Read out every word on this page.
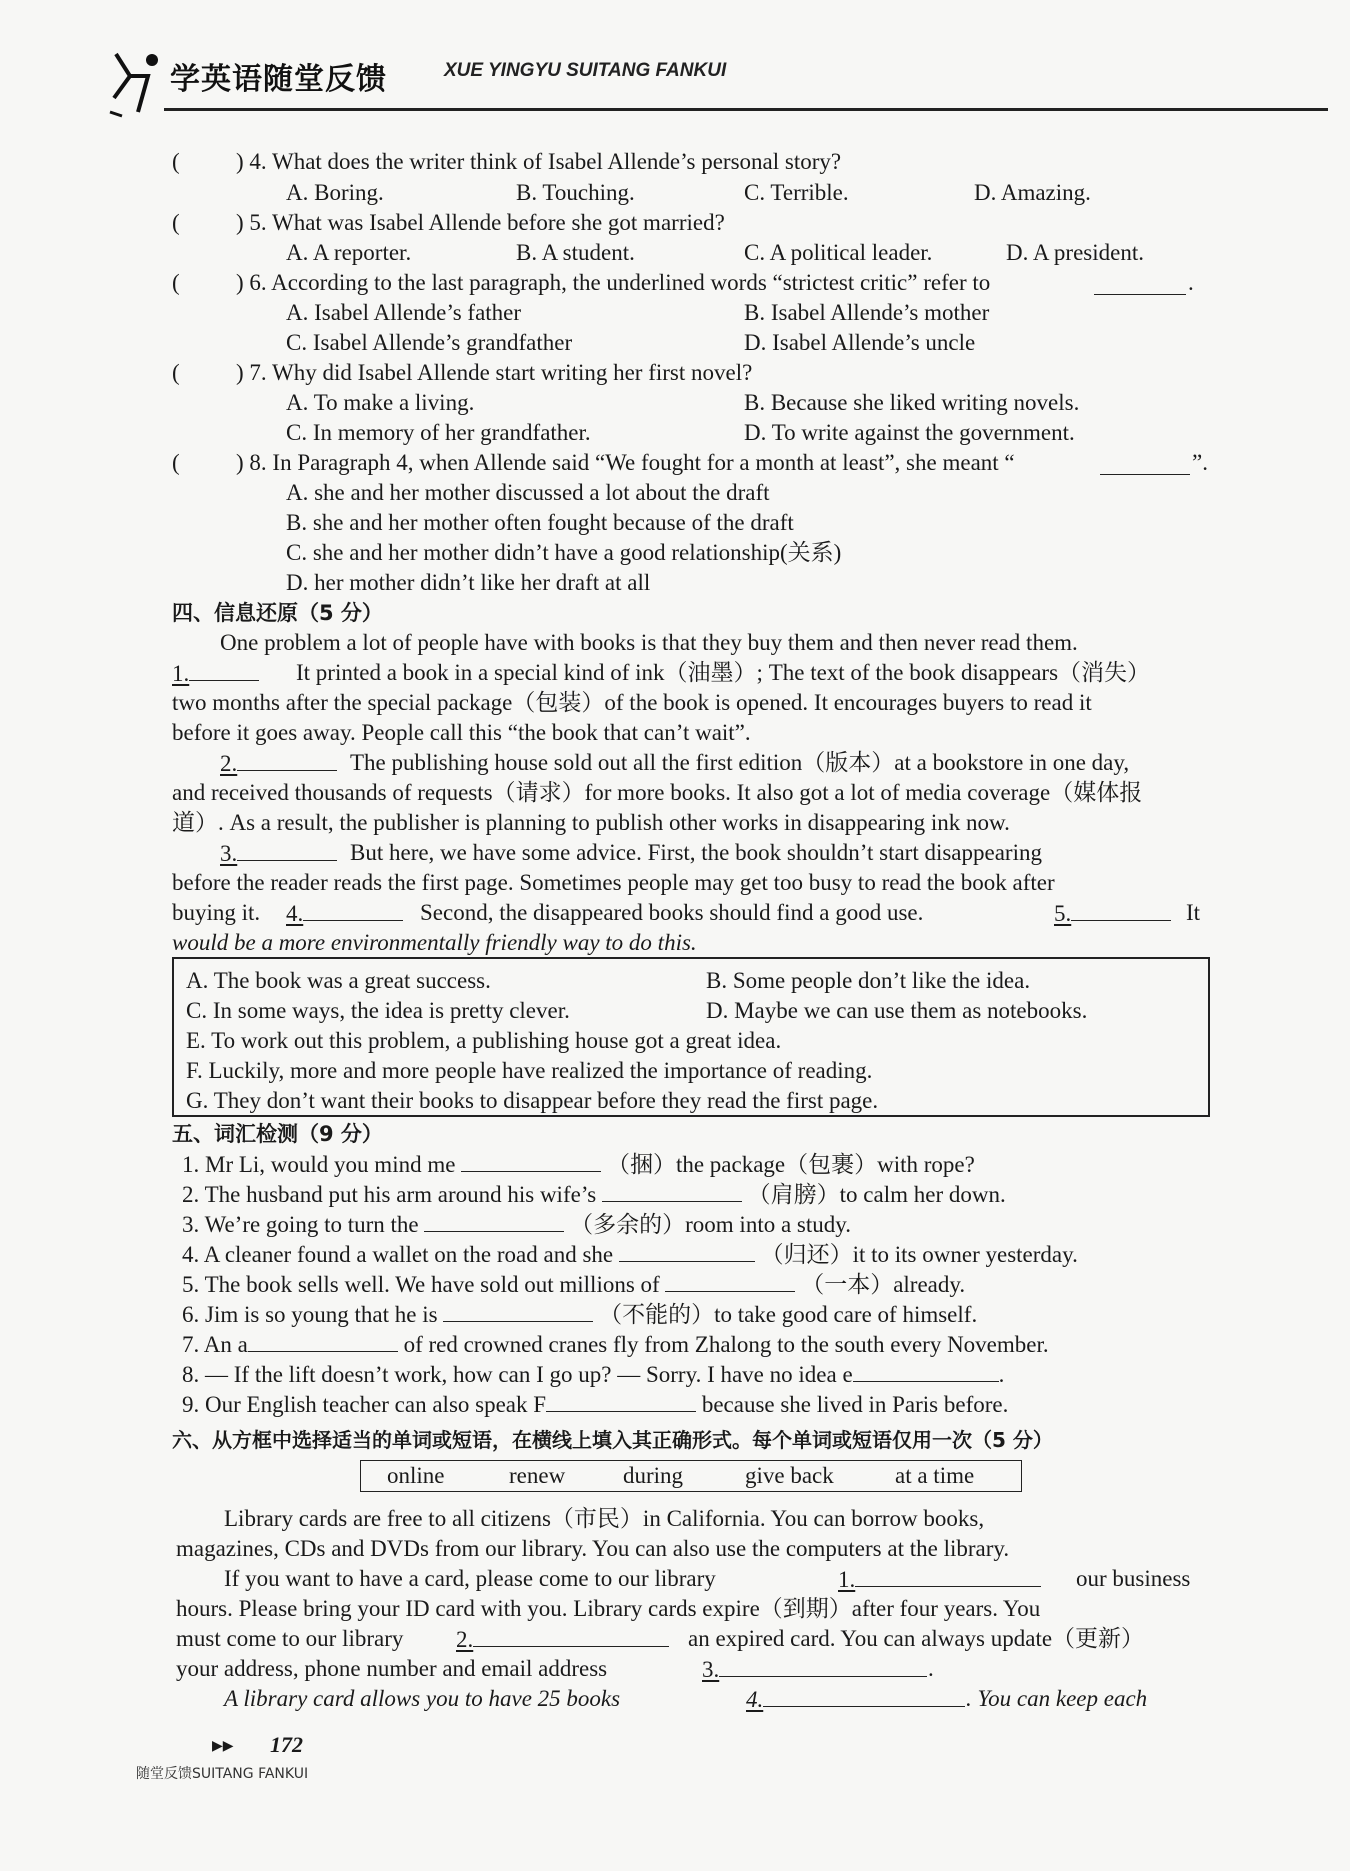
学英语随堂反馈	XUE YINGYU SUITANG FANKUI
( ) 4. What does the writer think of Isabel Allende’s personal story?
A. Boring.	B. Touching.	C. Terrible.	D. Amazing.
( ) 5. What was Isabel Allende before she got married?
A. A reporter.	B. A student.	C. A political leader.	D. A president.
( ) 6. According to the last paragraph, the underlined words “strictest critic” refer to	.
A. Isabel Allende’s father	B. Isabel Allende’s mother
C. Isabel Allende’s grandfather	D. Isabel Allende’s uncle
( ) 7. Why did Isabel Allende start writing her first novel?
A. To make a living.	B. Because she liked writing novels.
C. In memory of her grandfather.	D. To write against the government.
( ) 8. In Paragraph 4, when Allende said “We fought for a month at least”, she meant “	”.
A. she and her mother discussed a lot about the draft
B. she and her mother often fought because of the draft
C. she and her mother didn’t have a good relationship(关系)
D. her mother didn’t like her draft at all
四、信息还原（5 分）
One problem a lot of people have with books is that they buy them and then never read them.
1.	It printed a book in a special kind of ink（油墨）; The text of the book disappears（消失）
two months after the special package（包装）of the book is opened. It encourages buyers to read it
before it goes away. People call this “the book that can’t wait”.
2.	The publishing house sold out all the first edition（版本）at a bookstore in one day,
and received thousands of requests（请求）for more books. It also got a lot of media coverage（媒体报
道）. As a result, the publisher is planning to publish other works in disappearing ink now.
3.	But here, we have some advice. First, the book shouldn’t start disappearing
before the reader reads the first page. Sometimes people may get too busy to read the book after
buying it. 4.	Second, the disappeared books should find a good use.	5.	It
would be a more environmentally friendly way to do this.
A. The book was a great success.	B. Some people don’t like the idea.
C. In some ways, the idea is pretty clever.	D. Maybe we can use them as notebooks.
E. To work out this problem, a publishing house got a great idea.
F. Luckily, more and more people have realized the importance of reading.
G. They don’t want their books to disappear before they read the first page.
五、词汇检测（9 分）
1. Mr Li, would you mind me	（捆）the package（包裹）with rope?
2. The husband put his arm around his wife’s	（肩膀）to calm her down.
3. We’re going to turn the	（多余的）room into a study.
4. A cleaner found a wallet on the road and she	（归还）it to its owner yesterday.
5. The book sells well. We have sold out millions of	（一本）already.
6. Jim is so young that he is	（不能的）to take good care of himself.
7. An a	of red crowned cranes fly from Zhalong to the south every November.
8. — If the lift doesn’t work, how can I go up? — Sorry. I have no idea e	.
9. Our English teacher can also speak F	because she lived in Paris before.
六、从方框中选择适当的单词或短语，在横线上填入其正确形式。每个单词或短语仅用一次（5 分）
online	renew	during	give back	at a time
Library cards are free to all citizens（市民）in California. You can borrow books,
magazines, CDs and DVDs from our library. You can also use the computers at the library.
If you want to have a card, please come to our library	1.	our business
hours. Please bring your ID card with you. Library cards expire（到期）after four years. You
must come to our library 2.	an expired card. You can always update（更新）
your address, phone number and email address	3.	.
A library card allows you to have 25 books	4.	. You can keep each
▶▶ 172
随堂反馈SUITANG FANKUI
